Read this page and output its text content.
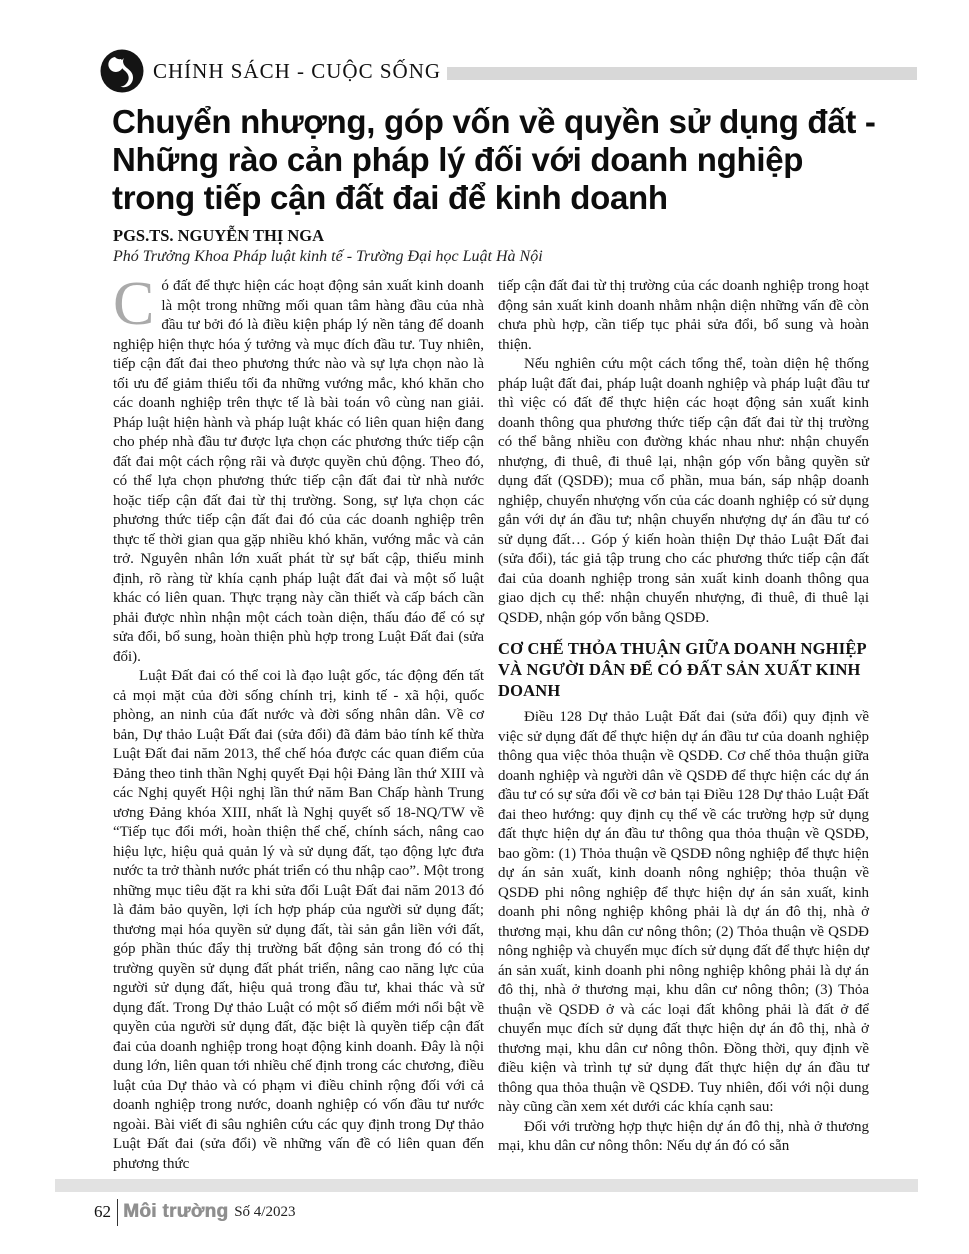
CHÍNH SÁCH - CUỘC SỐNG
Chuyển nhượng, góp vốn về quyền sử dụng đất -
Những rào cản pháp lý đối với doanh nghiệp
trong tiếp cận đất đai để kinh doanh
PGS.TS. NGUYỄN THỊ NGA
Phó Trưởng Khoa Pháp luật kinh tế - Trường Đại học Luật Hà Nội

Có đất để thực hiện các hoạt động sản xuất kinh doanh là một trong những mối quan tâm hàng đầu của nhà đầu tư bởi đó là điều kiện pháp lý nền tảng để doanh nghiệp hiện thực hóa ý tưởng và mục đích đầu tư. Tuy nhiên, tiếp cận đất đai theo phương thức nào và sự lựa chọn nào là tối ưu để giảm thiểu tối đa những vướng mắc, khó khăn cho các doanh nghiệp trên thực tế là bài toán vô cùng nan giải. Pháp luật hiện hành và pháp luật khác có liên quan hiện đang cho phép nhà đầu tư được lựa chọn các phương thức tiếp cận đất đai một cách rộng rãi và được quyền chủ động. Theo đó, có thể lựa chọn phương thức tiếp cận đất đai từ nhà nước hoặc tiếp cận đất đai từ thị trường. Song, sự lựa chọn các phương thức tiếp cận đất đai đó của các doanh nghiệp trên thực tế thời gian qua gặp nhiều khó khăn, vướng mắc và cản trở. Nguyên nhân lớn xuất phát từ sự bất cập, thiếu minh định, rõ ràng từ khía cạnh pháp luật đất đai và một số luật khác có liên quan. Thực trạng này cần thiết và cấp bách cần phải được nhìn nhận một cách toàn diện, thấu đáo để có sự sửa đổi, bổ sung, hoàn thiện phù hợp trong Luật Đất đai (sửa đổi).

Luật Đất đai có thể coi là đạo luật gốc, tác động đến tất cả mọi mặt của đời sống chính trị, kinh tế - xã hội, quốc phòng, an ninh của đất nước và đời sống nhân dân. Về cơ bản, Dự thảo Luật Đất đai (sửa đổi) đã đảm bảo tính kế thừa Luật Đất đai năm 2013, thể chế hóa được các quan điểm của Đảng theo tinh thần Nghị quyết Đại hội Đảng lần thứ XIII và các Nghị quyết Hội nghị lần thứ năm Ban Chấp hành Trung ương Đảng khóa XIII, nhất là Nghị quyết số 18-NQ/TW về “Tiếp tục đổi mới, hoàn thiện thể chế, chính sách, nâng cao hiệu lực, hiệu quả quản lý và sử dụng đất, tạo động lực đưa nước ta trở thành nước phát triển có thu nhập cao”. Một trong những mục tiêu đặt ra khi sửa đổi Luật Đất đai năm 2013 đó là đảm bảo quyền, lợi ích hợp pháp của người sử dụng đất; thương mại hóa quyền sử dụng đất, tài sản gắn liền với đất, góp phần thúc đẩy thị trường bất động sản trong đó có thị trường quyền sử dụng đất phát triển, nâng cao năng lực của người sử dụng đất, hiệu quả trong đầu tư, khai thác và sử dụng đất. Trong Dự thảo Luật có một số điểm mới nổi bật về quyền của người sử dụng đất, đặc biệt là quyền tiếp cận đất đai của doanh nghiệp trong hoạt động kinh doanh. Đây là nội dung lớn, liên quan tới nhiều chế định trong các chương, điều luật của Dự thảo và có phạm vi điều chỉnh rộng đối với cả doanh nghiệp trong nước, doanh nghiệp có vốn đầu tư nước ngoài. Bài viết đi sâu nghiên cứu các quy định trong Dự thảo Luật Đất đai (sửa đổi) về những vấn đề có liên quan đến phương thức

tiếp cận đất đai từ thị trường của các doanh nghiệp trong hoạt động sản xuất kinh doanh nhằm nhận diện những vấn đề còn chưa phù hợp, cần tiếp tục phải sửa đổi, bổ sung và hoàn thiện.

Nếu nghiên cứu một cách tổng thể, toàn diện hệ thống pháp luật đất đai, pháp luật doanh nghiệp và pháp luật đầu tư thì việc có đất để thực hiện các hoạt động sản xuất kinh doanh thông qua phương thức tiếp cận đất đai từ thị trường có thể bằng nhiều con đường khác nhau như: nhận chuyển nhượng, đi thuê, đi thuê lại, nhận góp vốn bằng quyền sử dụng đất (QSDĐ); mua cổ phần, mua bán, sáp nhập doanh nghiệp, chuyển nhượng vốn của các doanh nghiệp có sử dụng gắn với dự án đầu tư; nhận chuyển nhượng dự án đầu tư có sử dụng đất… Góp ý kiến hoàn thiện Dự thảo Luật Đất đai (sửa đổi), tác giả tập trung cho các phương thức tiếp cận đất đai của doanh nghiệp trong sản xuất kinh doanh thông qua giao dịch cụ thể: nhận chuyển nhượng, đi thuê, đi thuê lại QSDĐ, nhận góp vốn bằng QSDĐ.

CƠ CHẾ THỎA THUẬN GIỮA DOANH NGHIỆP VÀ NGƯỜI DÂN ĐỂ CÓ ĐẤT SẢN XUẤT KINH DOANH

Điều 128 Dự thảo Luật Đất đai (sửa đổi) quy định về việc sử dụng đất để thực hiện dự án đầu tư của doanh nghiệp thông qua việc thỏa thuận về QSDĐ. Cơ chế thỏa thuận giữa doanh nghiệp và người dân về QSDĐ để thực hiện các dự án đầu tư có sự sửa đổi về cơ bản tại Điều 128 Dự thảo Luật Đất đai theo hướng: quy định cụ thể về các trường hợp sử dụng đất thực hiện dự án đầu tư thông qua thỏa thuận về QSDĐ, bao gồm: (1) Thỏa thuận về QSDĐ nông nghiệp để thực hiện dự án sản xuất, kinh doanh nông nghiệp; thỏa thuận về QSDĐ phi nông nghiệp để thực hiện dự án sản xuất, kinh doanh phi nông nghiệp không phải là dự án đô thị, nhà ở thương mại, khu dân cư nông thôn; (2) Thỏa thuận về QSDĐ nông nghiệp và chuyển mục đích sử dụng đất để thực hiện dự án sản xuất, kinh doanh phi nông nghiệp không phải là dự án đô thị, nhà ở thương mại, khu dân cư nông thôn; (3) Thỏa thuận về QSDĐ ở và các loại đất không phải là đất ở để chuyển mục đích sử dụng đất thực hiện dự án đô thị, nhà ở thương mại, khu dân cư nông thôn. Đồng thời, quy định về điều kiện và trình tự sử dụng đất thực hiện dự án đầu tư thông qua thỏa thuận về QSDĐ. Tuy nhiên, đối với nội dung này cũng cần xem xét dưới các khía cạnh sau:

Đối với trường hợp thực hiện dự án đô thị, nhà ở thương mại, khu dân cư nông thôn: Nếu dự án đó có sẵn

62 Môi trường Số 4/2023
